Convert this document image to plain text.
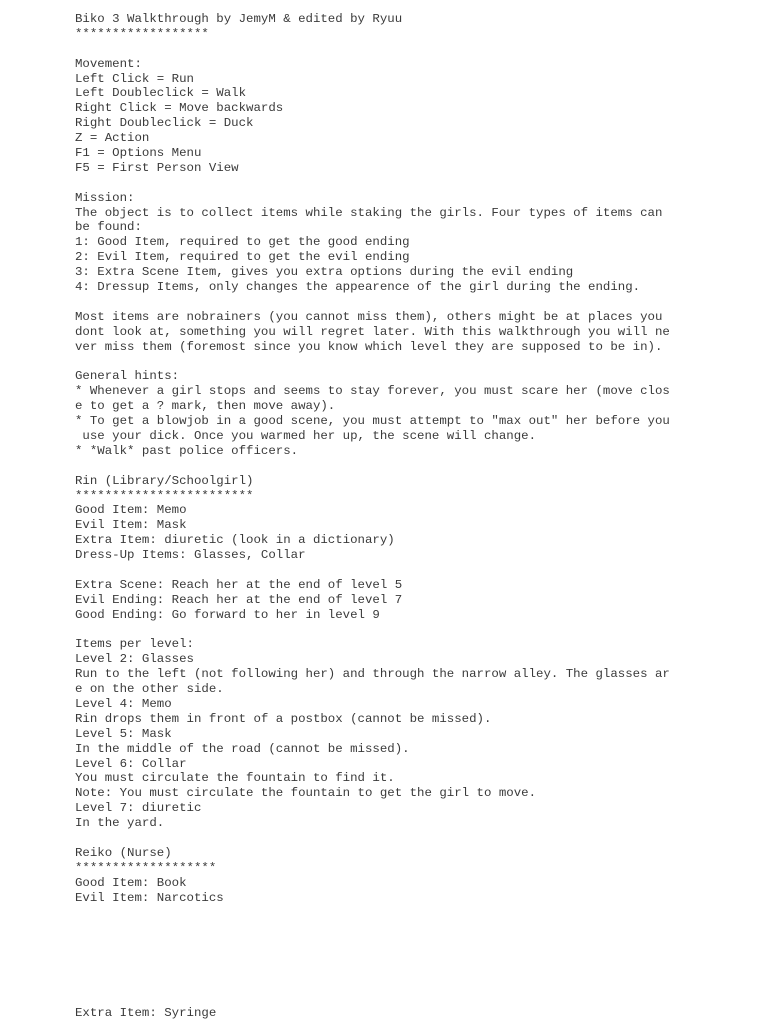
Biko 3 Walkthrough by JemyM & edited by Ryuu
******************

Movement:
Left Click = Run
Left Doubleclick = Walk
Right Click = Move backwards
Right Doubleclick = Duck
Z = Action
F1 = Options Menu
F5 = First Person View

Mission:
The object is to collect items while staking the girls. Four types of items can
be found:
1: Good Item, required to get the good ending
2: Evil Item, required to get the evil ending
3: Extra Scene Item, gives you extra options during the evil ending
4: Dressup Items, only changes the appearence of the girl during the ending.

Most items are nobrainers (you cannot miss them), others might be at places you
dont look at, something you will regret later. With this walkthrough you will ne
ver miss them (foremost since you know which level they are supposed to be in).

General hints:
* Whenever a girl stops and seems to stay forever, you must scare her (move clos
e to get a ? mark, then move away).
* To get a blowjob in a good scene, you must attempt to "max out" her before you
use your dick. Once you warmed her up, the scene will change.
* *Walk* past police officers.

Rin (Library/Schoolgirl)
************************
Good Item: Memo
Evil Item: Mask
Extra Item: diuretic (look in a dictionary)
Dress-Up Items: Glasses, Collar

Extra Scene: Reach her at the end of level 5
Evil Ending: Reach her at the end of level 7
Good Ending: Go forward to her in level 9

Items per level:
Level 2: Glasses
Run to the left (not following her) and through the narrow alley. The glasses ar
e on the other side.
Level 4: Memo
Rin drops them in front of a postbox (cannot be missed).
Level 5: Mask
In the middle of the road (cannot be missed).
Level 6: Collar
You must circulate the fountain to find it.
Note: You must circulate the fountain to get the girl to move.
Level 7: diuretic
In the yard.

Reiko (Nurse)
*******************
Good Item: Book
Evil Item: Narcotics
Extra Item: Syringe
